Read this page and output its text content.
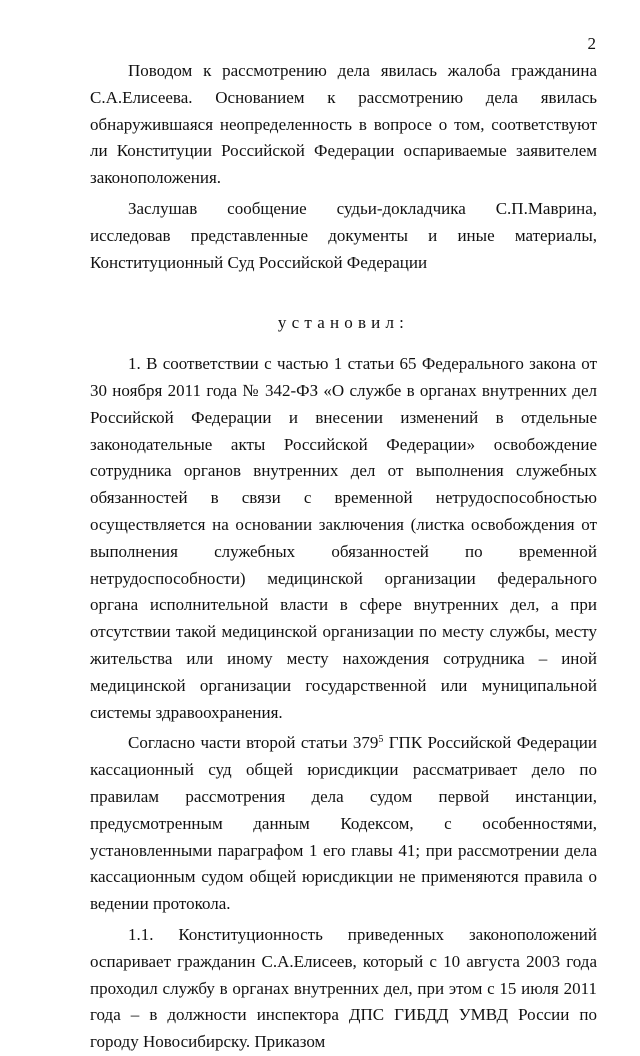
2

Поводом к рассмотрению дела явилась жалоба гражданина С.А.Елисеева. Основанием к рассмотрению дела явилась обнаружившаяся неопределенность в вопросе о том, соответствуют ли Конституции Российской Федерации оспариваемые заявителем законоположения.

Заслушав сообщение судьи-докладчика С.П.Маврина, исследовав представленные документы и иные материалы, Конституционный Суд Российской Федерации

установил:

1. В соответствии с частью 1 статьи 65 Федерального закона от 30 ноября 2011 года № 342-ФЗ «О службе в органах внутренних дел Российской Федерации и внесении изменений в отдельные законодательные акты Российской Федерации» освобождение сотрудника органов внутренних дел от выполнения служебных обязанностей в связи с временной нетрудоспособностью осуществляется на основании заключения (листка освобождения от выполнения служебных обязанностей по временной нетрудоспособности) медицинской организации федерального органа исполнительной власти в сфере внутренних дел, а при отсутствии такой медицинской организации по месту службы, месту жительства или иному месту нахождения сотрудника – иной медицинской организации государственной или муниципальной системы здравоохранения.

Согласно части второй статьи $379^5$ ГПК Российской Федерации кассационный суд общей юрисдикции рассматривает дело по правилам рассмотрения дела судом первой инстанции, предусмотренным данным Кодексом, с особенностями, установленными параграфом 1 его главы 41; при рассмотрении дела кассационным судом общей юрисдикции не применяются правила о ведении протокола.

1.1. Конституционность приведенных законоположений оспаривает гражданин С.А.Елисеев, который с 10 августа 2003 года проходил службу в органах внутренних дел, при этом с 15 июля 2011 года – в должности инспектора ДПС ГИБДД УМВД России по городу Новосибирску. Приказом
